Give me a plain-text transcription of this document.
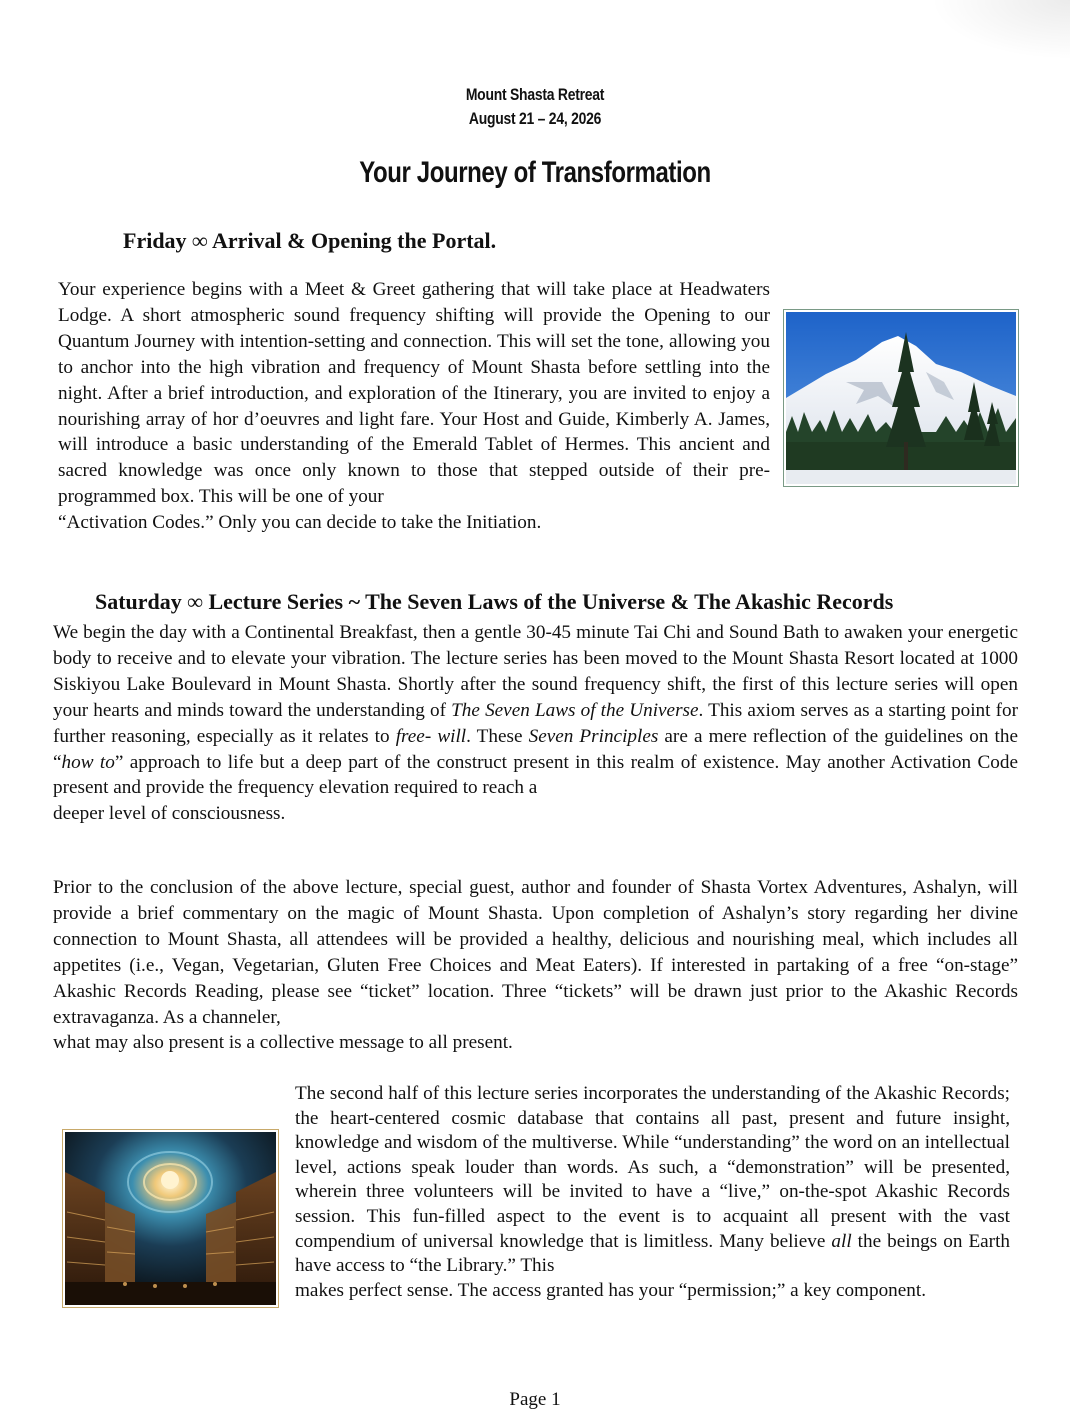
Mount Shasta Retreat
August 21 – 24, 2026
Your Journey of Transformation
Friday ∞ Arrival & Opening the Portal.

Your experience begins with a Meet & Greet gathering that will take place at Headwaters Lodge. A short atmospheric sound frequency shifting will provide the Opening to our Quantum Journey with intention-setting and connection. This will set the tone, allowing you to anchor into the high vibration and frequency of Mount Shasta before settling into the night. After a brief introduction, and exploration of the Itinerary, you are invited to enjoy a nourishing array of hor d’oeuvres and light fare. Your Host and Guide, Kimberly A. James, will introduce a basic understanding of the Emerald Tablet of Hermes. This ancient and sacred knowledge was once only known to those that stepped outside of their pre-programmed box. This will be one of your
“Activation Codes.” Only you can decide to take the Initiation.

Saturday ∞ Lecture Series ~ The Seven Laws of the Universe & The Akashic Records

We begin the day with a Continental Breakfast, then a gentle 30-45 minute Tai Chi and Sound Bath to awaken your energetic body to receive and to elevate your vibration. The lecture series has been moved to the Mount Shasta Resort located at 1000 Siskiyou Lake Boulevard in Mount Shasta. Shortly after the sound frequency shift, the first of this lecture series will open your hearts and minds toward the understanding of The Seven Laws of the Universe. This axiom serves as a starting point for further reasoning, especially as it relates to free- will. These Seven Principles are a mere reflection of the guidelines on the “how to” approach to life but a deep part of the construct present in this realm of existence. May another Activation Code present and provide the frequency elevation required to reach a
deeper level of consciousness.

Prior to the conclusion of the above lecture, special guest, author and founder of Shasta Vortex Adventures, Ashalyn, will provide a brief commentary on the magic of Mount Shasta. Upon completion of Ashalyn’s story regarding her divine connection to Mount Shasta, all attendees will be provided a healthy, delicious and nourishing meal, which includes all appetites (i.e., Vegan, Vegetarian, Gluten Free Choices and Meat Eaters). If interested in partaking of a free “on-stage” Akashic Records Reading, please see “ticket” location. Three “tickets” will be drawn just prior to the Akashic Records extravaganza. As a channeler,
what may also present is a collective message to all present.

The second half of this lecture series incorporates the understanding of the Akashic Records; the heart-centered cosmic database that contains all past, present and future insight, knowledge and wisdom of the multiverse. While “understanding” the word on an intellectual level, actions speak louder than words. As such, a “demonstration” will be presented, wherein three volunteers will be invited to have a “live,” on-the-spot Akashic Records session. This fun-filled aspect to the event is to acquaint all present with the vast compendium of universal knowledge that is limitless. Many believe all the beings on Earth have access to “the Library.” This
makes perfect sense. The access granted has your “permission;” a key component.

Page 1
